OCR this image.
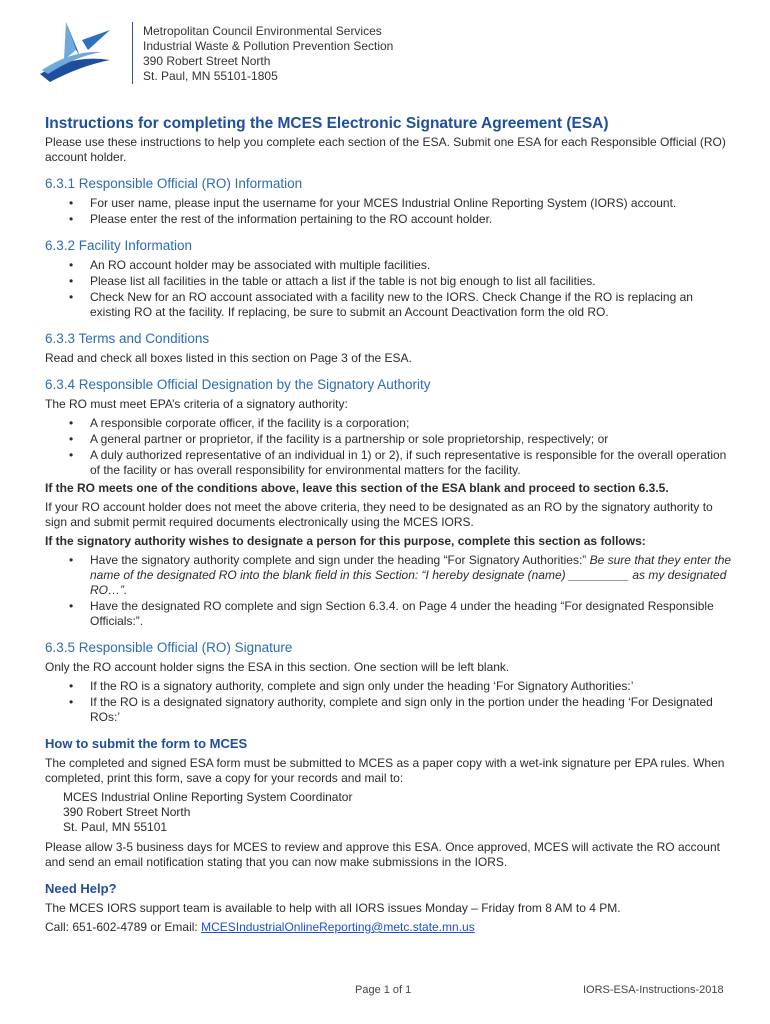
Metropolitan Council Environmental Services
Industrial Waste & Pollution Prevention Section
390 Robert Street North
St. Paul, MN 55101-1805
Instructions for completing the MCES Electronic Signature Agreement (ESA)

Please use these instructions to help you complete each section of the ESA. Submit one ESA for each Responsible Official (RO) account holder.

6.3.1 Responsible Official (RO) Information
• For user name, please input the username for your MCES Industrial Online Reporting System (IORS) account.
• Please enter the rest of the information pertaining to the RO account holder.
6.3.2 Facility Information
• An RO account holder may be associated with multiple facilities.
• Please list all facilities in the table or attach a list if the table is not big enough to list all facilities.
• Check New for an RO account associated with a facility new to the IORS. Check Change if the RO is replacing an existing RO at the facility. If replacing, be sure to submit an Account Deactivation form the old RO.
6.3.3 Terms and Conditions

Read and check all boxes listed in this section on Page 3 of the ESA.

6.3.4 Responsible Official Designation by the Signatory Authority

The RO must meet EPA’s criteria of a signatory authority:

• A responsible corporate officer, if the facility is a corporation;
• A general partner or proprietor, if the facility is a partnership or sole proprietorship, respectively; or
• A duly authorized representative of an individual in 1) or 2), if such representative is responsible for the overall operation of the facility or has overall responsibility for environmental matters for the facility.

If the RO meets one of the conditions above, leave this section of the ESA blank and proceed to section 6.3.5.

If your RO account holder does not meet the above criteria, they need to be designated as an RO by the signatory authority to sign and submit permit required documents electronically using the MCES IORS.

If the signatory authority wishes to designate a person for this purpose, complete this section as follows:

• Have the signatory authority complete and sign under the heading “For Signatory Authorities:” Be sure that they enter the name of the designated RO into the blank field in this Section: “I hereby designate (name) _________ as my designated RO…”.
• Have the designated RO complete and sign Section 6.3.4. on Page 4 under the heading “For designated Responsible Officials:”.
6.3.5 Responsible Official (RO) Signature

Only the RO account holder signs the ESA in this section. One section will be left blank.

• If the RO is a signatory authority, complete and sign only under the heading ‘For Signatory Authorities:’
• If the RO is a designated signatory authority, complete and sign only in the portion under the heading ‘For Designated ROs:’
How to submit the form to MCES

The completed and signed ESA form must be submitted to MCES as a paper copy with a wet-ink signature per EPA rules. When completed, print this form, save a copy for your records and mail to:

MCES Industrial Online Reporting System Coordinator
390 Robert Street North
St. Paul, MN 55101

Please allow 3-5 business days for MCES to review and approve this ESA. Once approved, MCES will activate the RO account and send an email notification stating that you can now make submissions in the IORS.

Need Help?

The MCES IORS support team is available to help with all IORS issues Monday – Friday from 8 AM to 4 PM.

Call: 651-602-4789 or Email: MCESIndustrialOnlineReporting@metc.state.mn.us

Page 1 of 1	IORS-ESA-Instructions-2018
